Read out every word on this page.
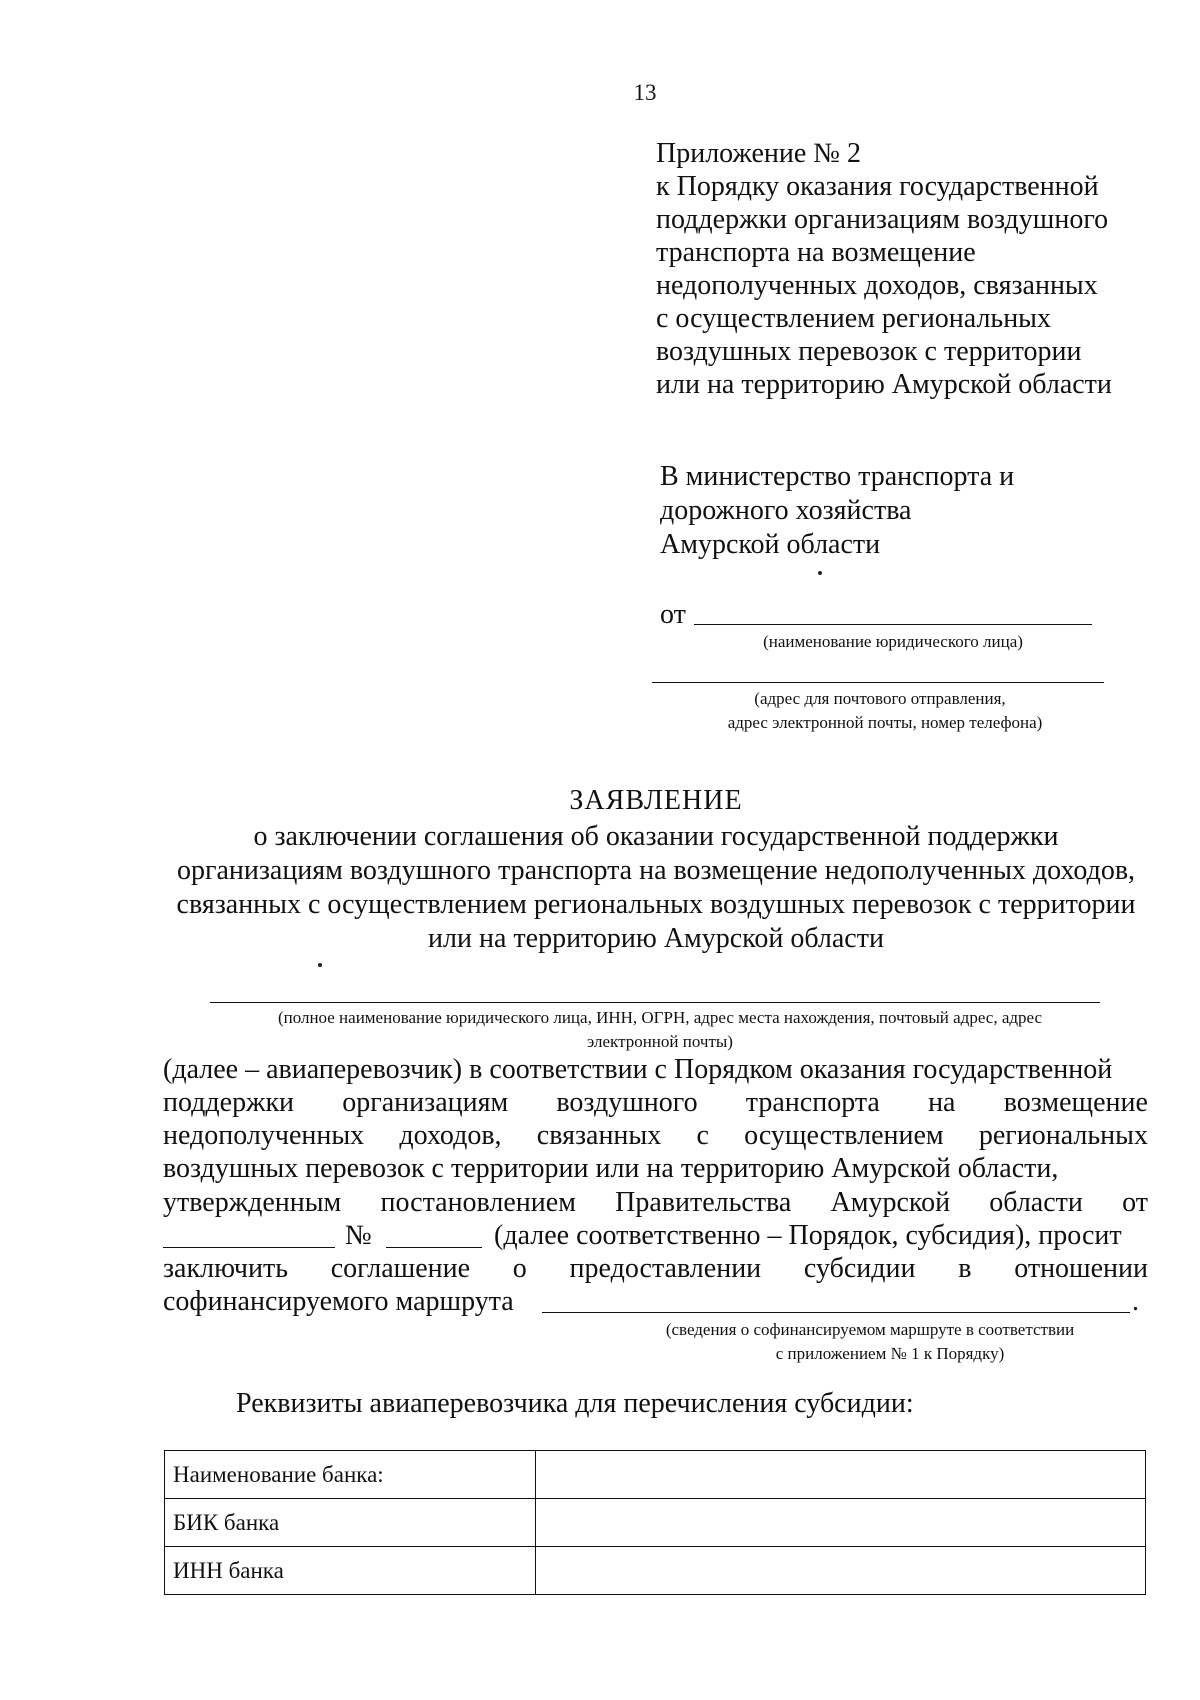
13
Приложение № 2
к Порядку оказания государственной
поддержки организациям воздушного
транспорта на возмещение
недополученных доходов, связанных
с осуществлением региональных
воздушных перевозок с территории
или на территорию Амурской области
В министерство транспорта и
дорожного хозяйства
Амурской области
от
(наименование юридического лица)
(адрес для почтового отправления,
адрес электронной почты, номер телефона)
ЗАЯВЛЕНИЕ
о заключении соглашения об оказании государственной поддержки
организациям воздушного транспорта на возмещение недополученных доходов,
связанных с осуществлением региональных воздушных перевозок с территории
или на территорию Амурской области
(полное наименование юридического лица, ИНН, ОГРН, адрес места нахождения, почтовый адрес, адрес
электронной почты)
(далее – авиаперевозчик) в соответствии с Порядком оказания государственной
поддержки организациям воздушного транспорта на возмещение
недополученных доходов, связанных с осуществлением региональных
воздушных перевозок с территории или на территорию Амурской области,
утвержденным постановлением Правительства Амурской области от
№	(далее соответственно – Порядок, субсидия), просит
заключить соглашение о предоставлении субсидии в отношении
софинансируемого маршрута	.
(сведения о софинансируемом маршруте в соответствии
с приложением № 1 к Порядку)
Реквизиты авиаперевозчика для перечисления субсидии:
Наименование банка:	
БИК банка	
ИНН банка	
